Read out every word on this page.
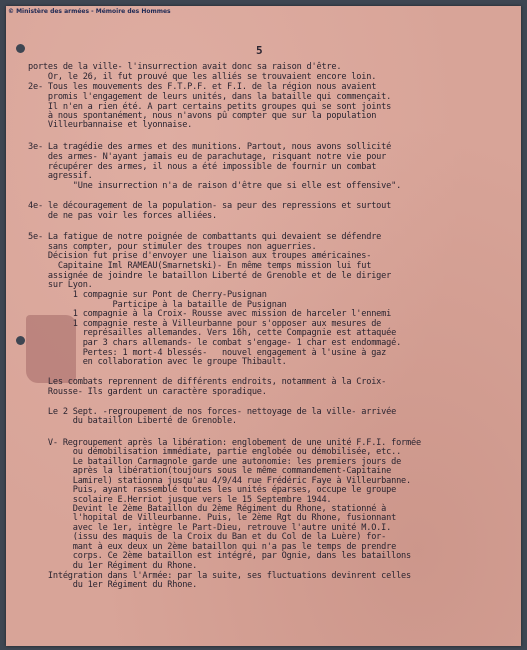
© Ministère des armées - Mémoire des Hommes
5
portes de la ville- l'insurrection avait donc sa raison d'être.
Or, le 26, il fut prouvé que les alliés se trouvaient encore loin.
2e- Tous les mouvements des F.T.P.F. et F.I. de la région nous avaient
promis l'engagement de leurs unités, dans la bataille qui commençait.
Il n'en a rien été. A part certains petits groupes qui se sont joints
à nous spontanément, nous n'avons pû compter que sur la population
Villeurbannaise et lyonnaise.
3e- La tragédie des armes et des munitions. Partout, nous avons sollicité
des armes- N'ayant jamais eu de parachutage, risquant notre vie pour
récupérer des armes, il nous a été impossible de fournir un combat
agressif.
"Une insurrection n'a de raison d'être que si elle est offensive".
4e- le découragement de la population- sa peur des repressions et surtout
de ne pas voir les forces alliées.
5e- La fatigue de notre poignée de combattants qui devaient se défendre
sans compter, pour stimuler des troupes non aguerries.
Décision fut prise d'envoyer une liaison aux troupes américaines-
Capitaine Iml RAMEAU(Smarnetski)- En même temps mission lui fut
assignée de joindre le bataillon Liberté de Grenoble et de le diriger
sur Lyon.
1 compagnie sur Pont de Cherry-Pusignan
Participe à la bataille de Pusignan
1 compagnie à la Croix- Rousse avec mission de harceler l'ennemi
1 compagnie reste à Villeurbanne pour s'opposer aux mesures de
représailles allemandes. Vers 16h, cette Compagnie est attaquée
par 3 chars allemands- le combat s'engage- 1 char est endommagé.
Pertes: 1 mort-4 blessés-   nouvel engagement à l'usine à gaz
en collaboration avec le groupe Thibault.
Les combats reprennent de différents endroits, notamment à la Croix-
Rousse- Ils gardent un caractère sporadique.
Le 2 Sept. -regroupement de nos forces- nettoyage de la ville- arrivée
du bataillon Liberté de Grenoble.
V- Regroupement après la libération: englobement de une unité F.F.I. formée
ou démobilisation immédiate, partie englobée ou démobilisée, etc..
Le bataillon Carmagnole garde une autonomie: les premiers jours de
après la libération(toujours sous le même commandement-Capitaine
Lamirel) stationna jusqu'au 4/9/44 rue Frédéric Faye à Villeurbanne.
Puis, ayant rassemblé toutes les unités éparses, occupe le groupe
scolaire E.Herriot jusque vers le 15 Septembre 1944.
Devint le 2ème Bataillon du 2ème Régiment du Rhone, stationné à
l'hopital de Villeurbanne. Puis, le 2ème Rgt du Rhone, fusionnant
avec le 1er, intègre le Part-Dieu, retrouve l'autre unité M.O.I.
(issu des maquis de la Croix du Ban et du Col de la Luère) for-
mant à eux deux un 2ème bataillon qui n'a pas le temps de prendre
corps. Ce 2ème bataillon est intégré, par Ognie, dans les bataillons
du 1er Régiment du Rhone.
Intégration dans l'Armée: par la suite, ses fluctuations devinrent celles
du 1er Régiment du Rhone.
